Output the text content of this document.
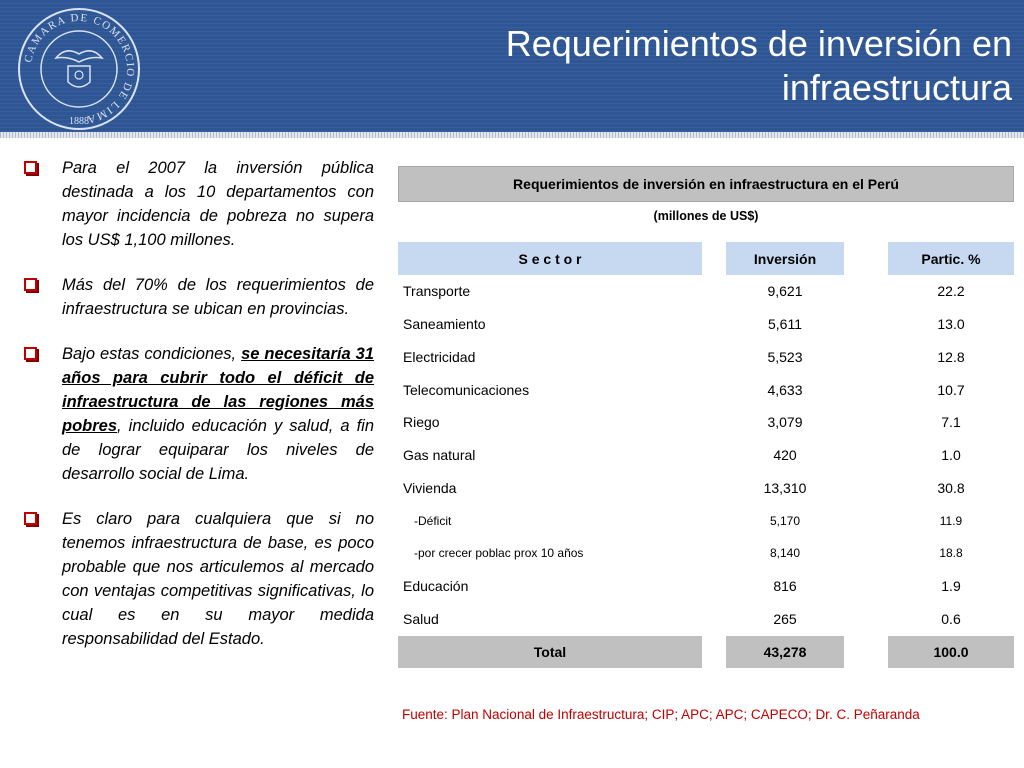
CAMARA DE COMERCIO DE LIMA
1888
Requerimientos de inversión en
infraestructura
Para el 2007 la inversión pública destinada a los 10 departamentos con mayor incidencia de pobreza no supera los US$ 1,100 millones.
Más del 70% de los requerimientos de infraestructura se ubican en provincias.
Bajo estas condiciones, se necesitaría 31 años para cubrir todo el déficit de infraestructura de las regiones más pobres, incluido educación y salud, a fin de lograr equiparar los niveles de desarrollo social de Lima.
Es claro para cualquiera que si no tenemos infraestructura de base, es poco probable que nos articulemos al mercado con ventajas competitivas significativas, lo cual es en su mayor medida responsabilidad del Estado.
Requerimientos de inversión en infraestructura en el Perú
(millones de US$)
S e c t o r	Inversión	Partic. %
Transporte	9,621	22.2
Saneamiento	5,611	13.0
Electricidad	5,523	12.8
Telecomunicaciones	4,633	10.7
Riego	3,079	7.1
Gas natural	420	1.0
Vivienda	13,310	30.8
-Déficit	5,170	11.9
-por crecer poblac prox 10 años	8,140	18.8
Educación	816	1.9
Salud	265	0.6
Total	43,278	100.0
Fuente: Plan Nacional de Infraestructura; CIP; APC; APC; CAPECO; Dr. C. Peñaranda
